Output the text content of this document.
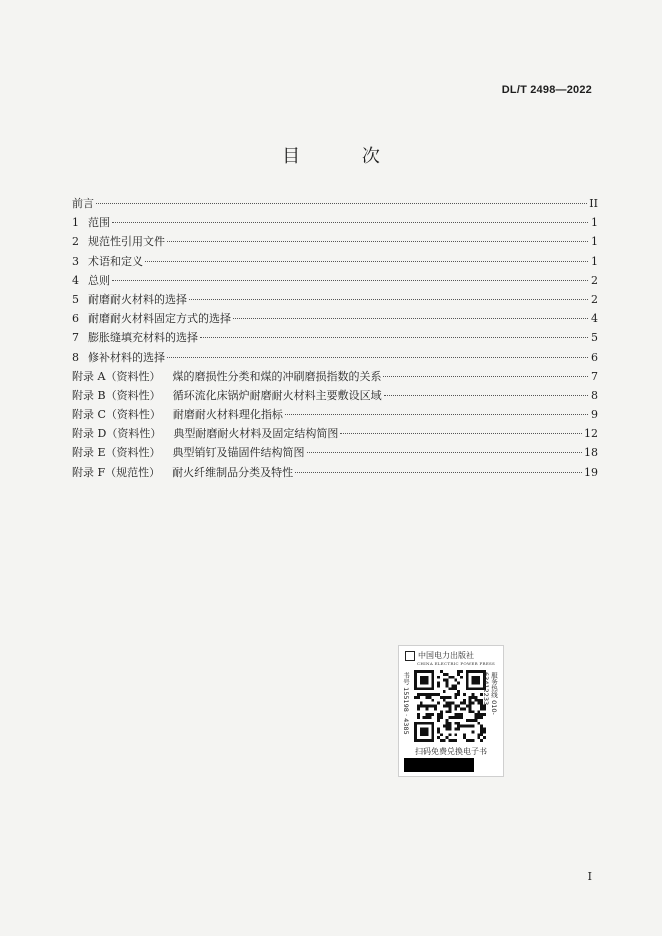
DL/T 2498—2022
目 次
前言	II
1 范围	1
2 规范性引用文件	1
3 术语和定义	1
4 总则	2
5 耐磨耐火材料的选择	2
6 耐磨耐火材料固定方式的选择	4
7 膨胀缝填充材料的选择	5
8 修补材料的选择	6
附录 A（资料性） 煤的磨损性分类和煤的冲刷磨损指数的关系	7
附录 B（资料性） 循环流化床锅炉耐磨耐火材料主要敷设区域	8
附录 C（资料性） 耐磨耐火材料理化指标	9
附录 D（资料性） 典型耐磨耐火材料及固定结构简图	12
附录 E（资料性） 典型销钉及锚固件结构简图	18
附录 F（规范性） 耐火纤维制品分类及特性	19
中国电力出版社
CHINA ELECTRIC POWER PRESS
书号 155198 · 4385	服务热线 010-63412233
扫码免费兑换电子书
I
